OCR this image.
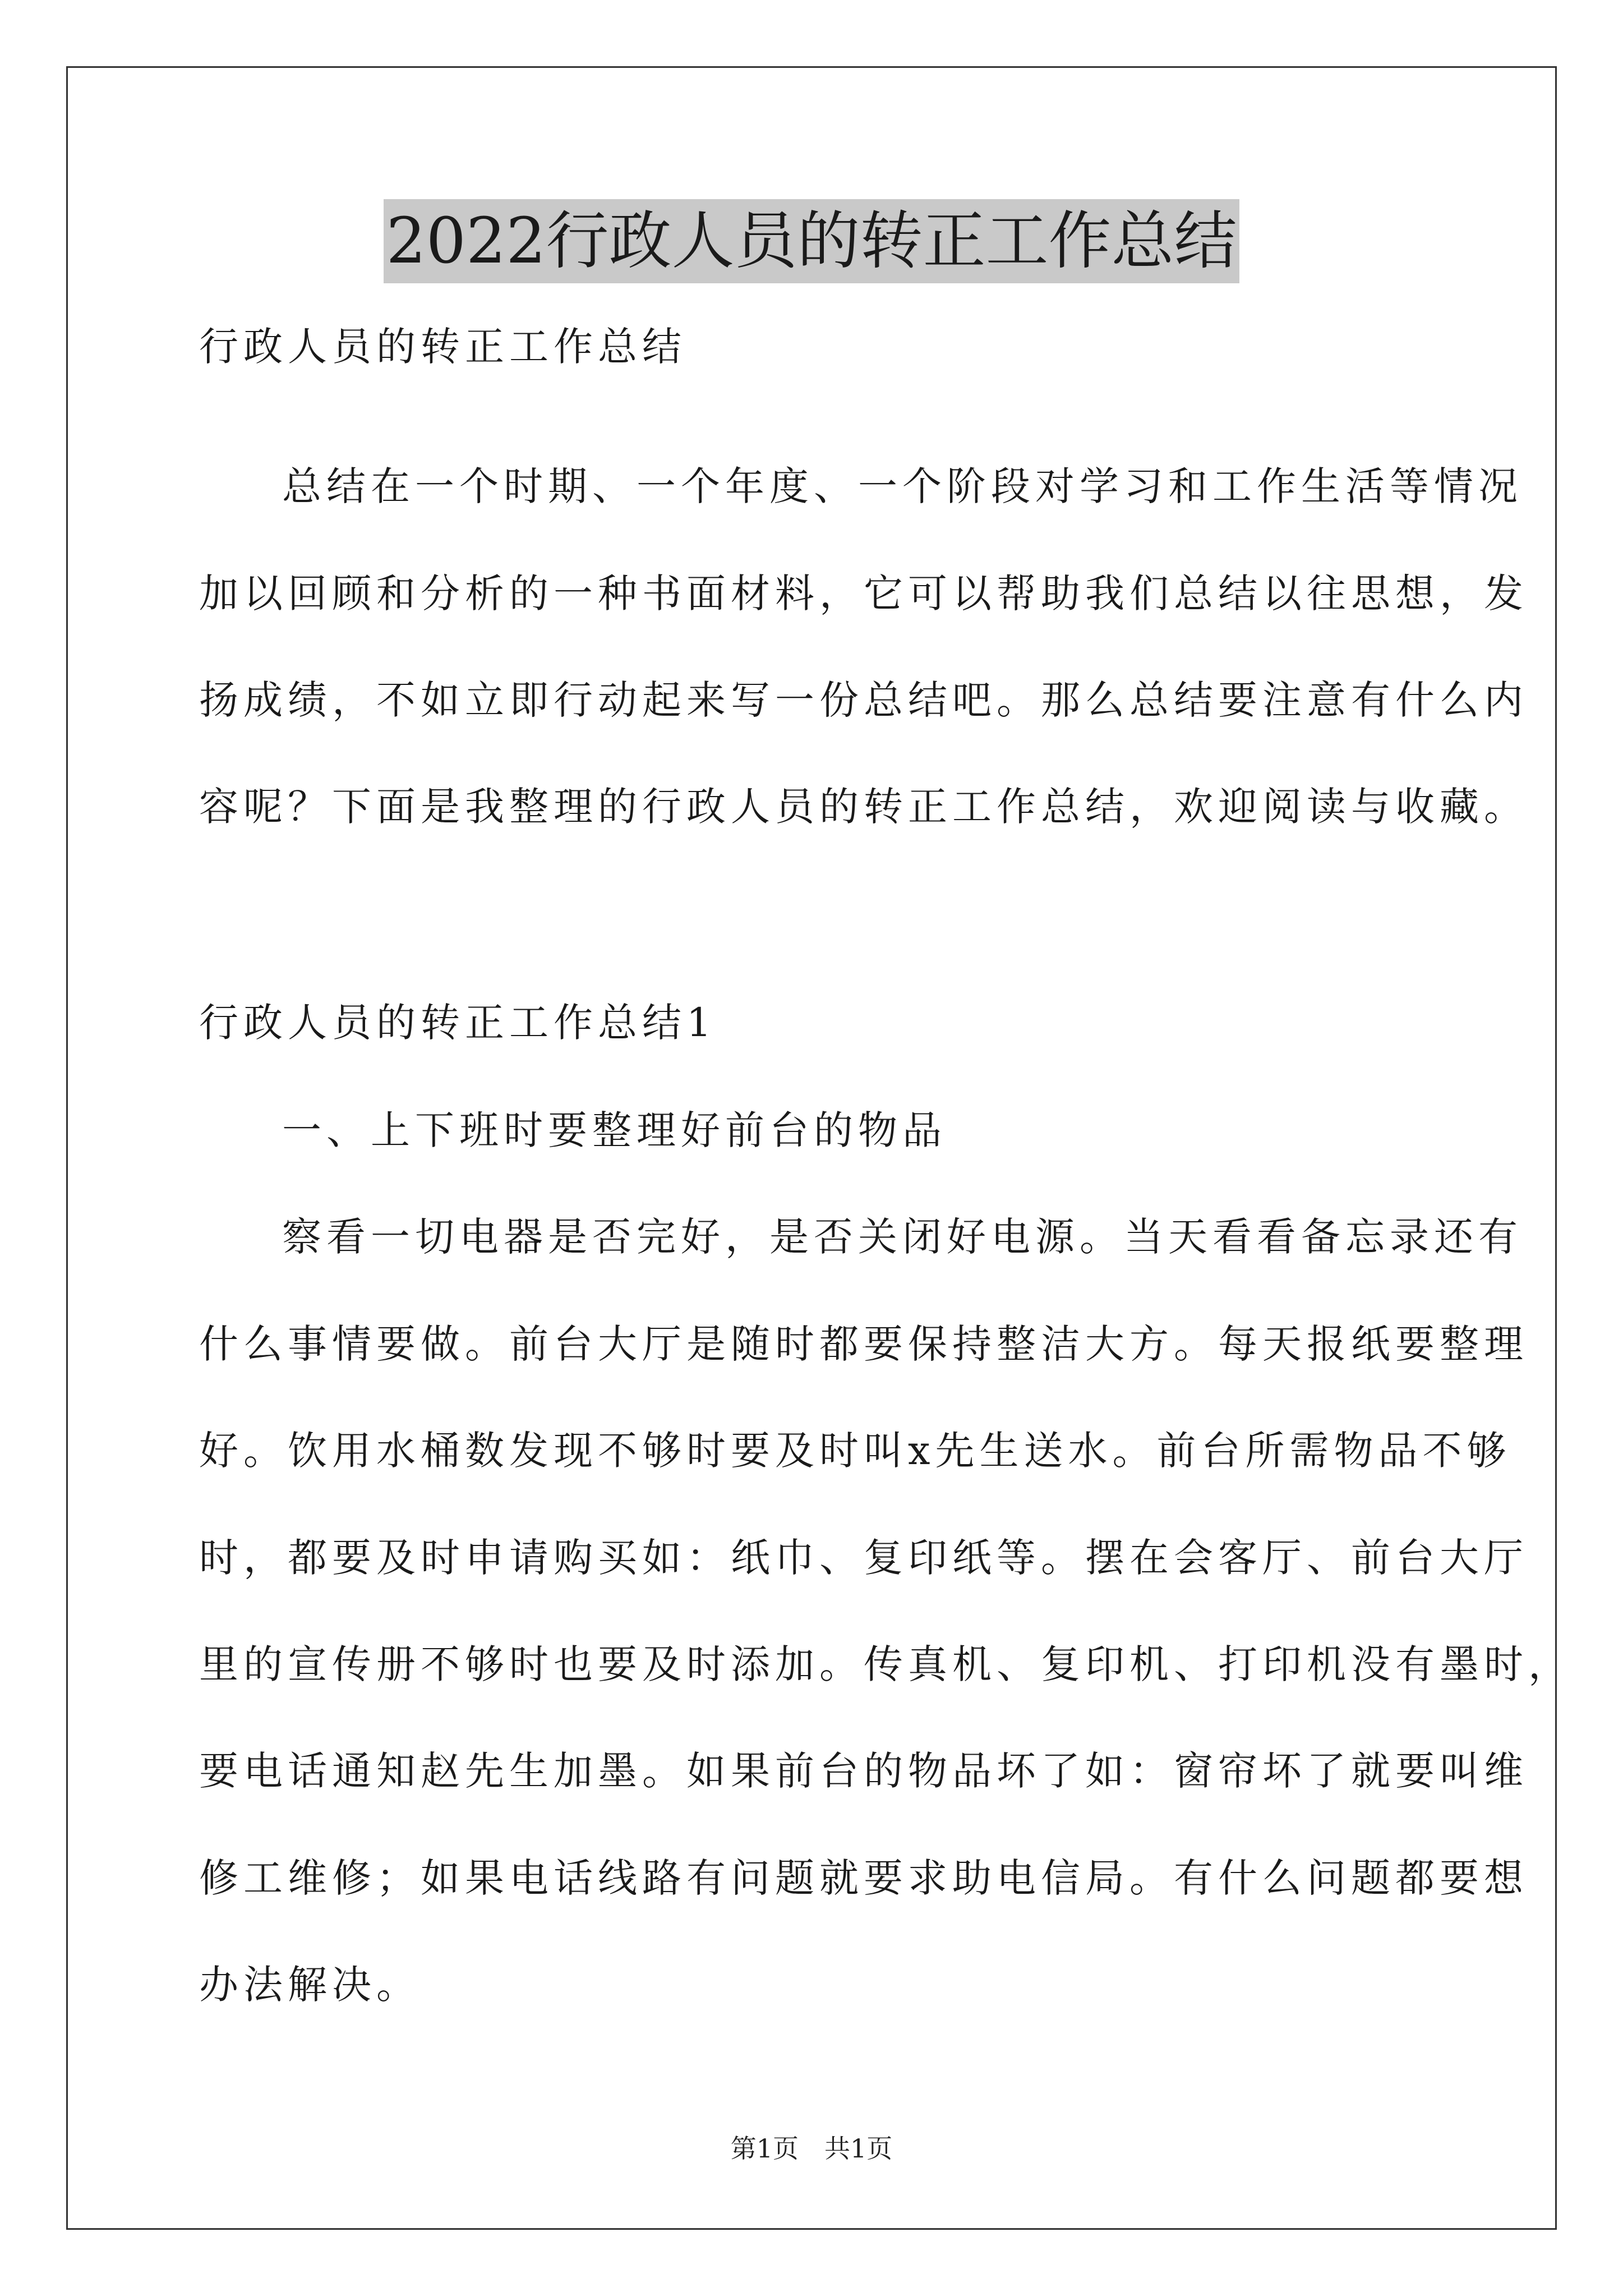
2022行政人员的转正工作总结
行政人员的转正工作总结
总结在一个时期、一个年度、一个阶段对学习和工作生活等情况
加以回顾和分析的一种书面材料，它可以帮助我们总结以往思想，发
扬成绩，不如立即行动起来写一份总结吧。那么总结要注意有什么内
容呢？下面是我整理的行政人员的转正工作总结，欢迎阅读与收藏。
行政人员的转正工作总结1
一、上下班时要整理好前台的物品
察看一切电器是否完好，是否关闭好电源。当天看看备忘录还有
什么事情要做。前台大厅是随时都要保持整洁大方。每天报纸要整理
好。饮用水桶数发现不够时要及时叫x先生送水。前台所需物品不够
时，都要及时申请购买如：纸巾、复印纸等。摆在会客厅、前台大厅
里的宣传册不够时也要及时添加。传真机、复印机、打印机没有墨时，
要电话通知赵先生加墨。如果前台的物品坏了如：窗帘坏了就要叫维
修工维修；如果电话线路有问题就要求助电信局。有什么问题都要想
办法解决。
第1页　共1页
